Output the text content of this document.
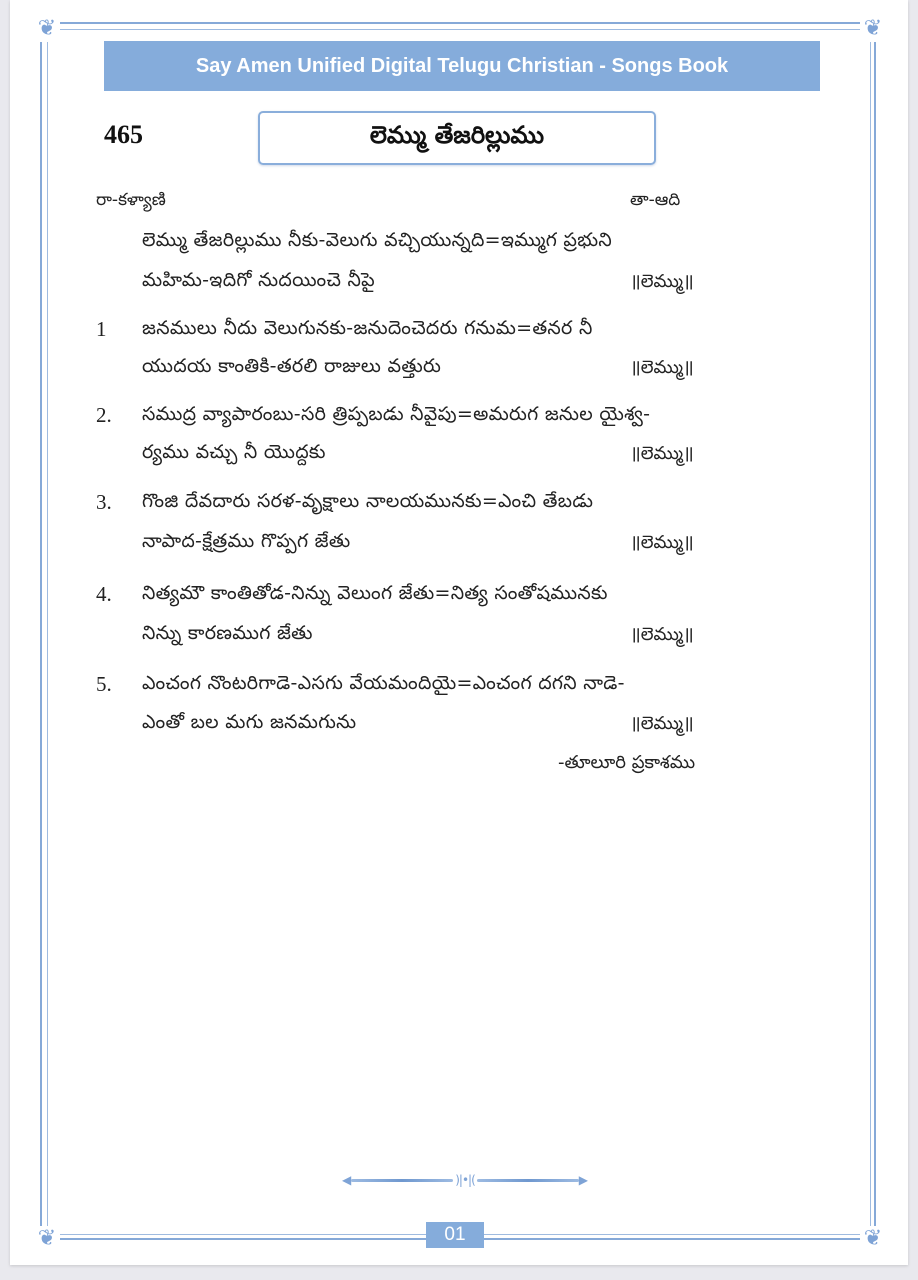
❦	❦
❦	❦
Say Amen Unified Digital Telugu Christian - Songs Book
465	లెమ్ము తేజరిల్లుము
రా-కళ్యాణి	తా-ఆది
లెమ్ము తేజరిల్లుము నీకు-వెలుగు వచ్చియున్నది=ఇమ్ముగ ప్రభుని
మహిమ-ఇదిగో నుదయించె నీపై	॥లెమ్ము॥
1 జనములు నీదు వెలుగునకు-జనుదెంచెదరు గనుమ=తనర నీ
యుదయ కాంతికి-తరలి రాజులు వత్తురు	॥లెమ్ము॥
2. సముద్ర వ్యాపారంబు-సరి త్రిప్పబడు నీవైపు=అమరుగ జనుల యైశ్వ-
ర్యము వచ్చు నీ యొద్దకు	॥లెమ్ము॥
3. గొంజి దేవదారు సరళ-వృక్షాలు నాలయమునకు=ఎంచి తేబడు
నాపాద-క్షేత్రము గొప్పగ జేతు	॥లెమ్ము॥
4. నిత్యమౌ కాంతితోడ-నిన్ను వెలుంగ జేతు=నిత్య సంతోషమునకు
నిన్ను కారణముగ జేతు	॥లెమ్ము॥
5. ఎంచంగ నొంటరిగాడె-ఎసగు వేయమందియై=ఎంచంగ దగని నాడె-
ఎంతో బల మగు జనమగును	॥లెమ్ము॥
-తూలూరి ప్రకాశము
◀	)|•|(	▶
01
